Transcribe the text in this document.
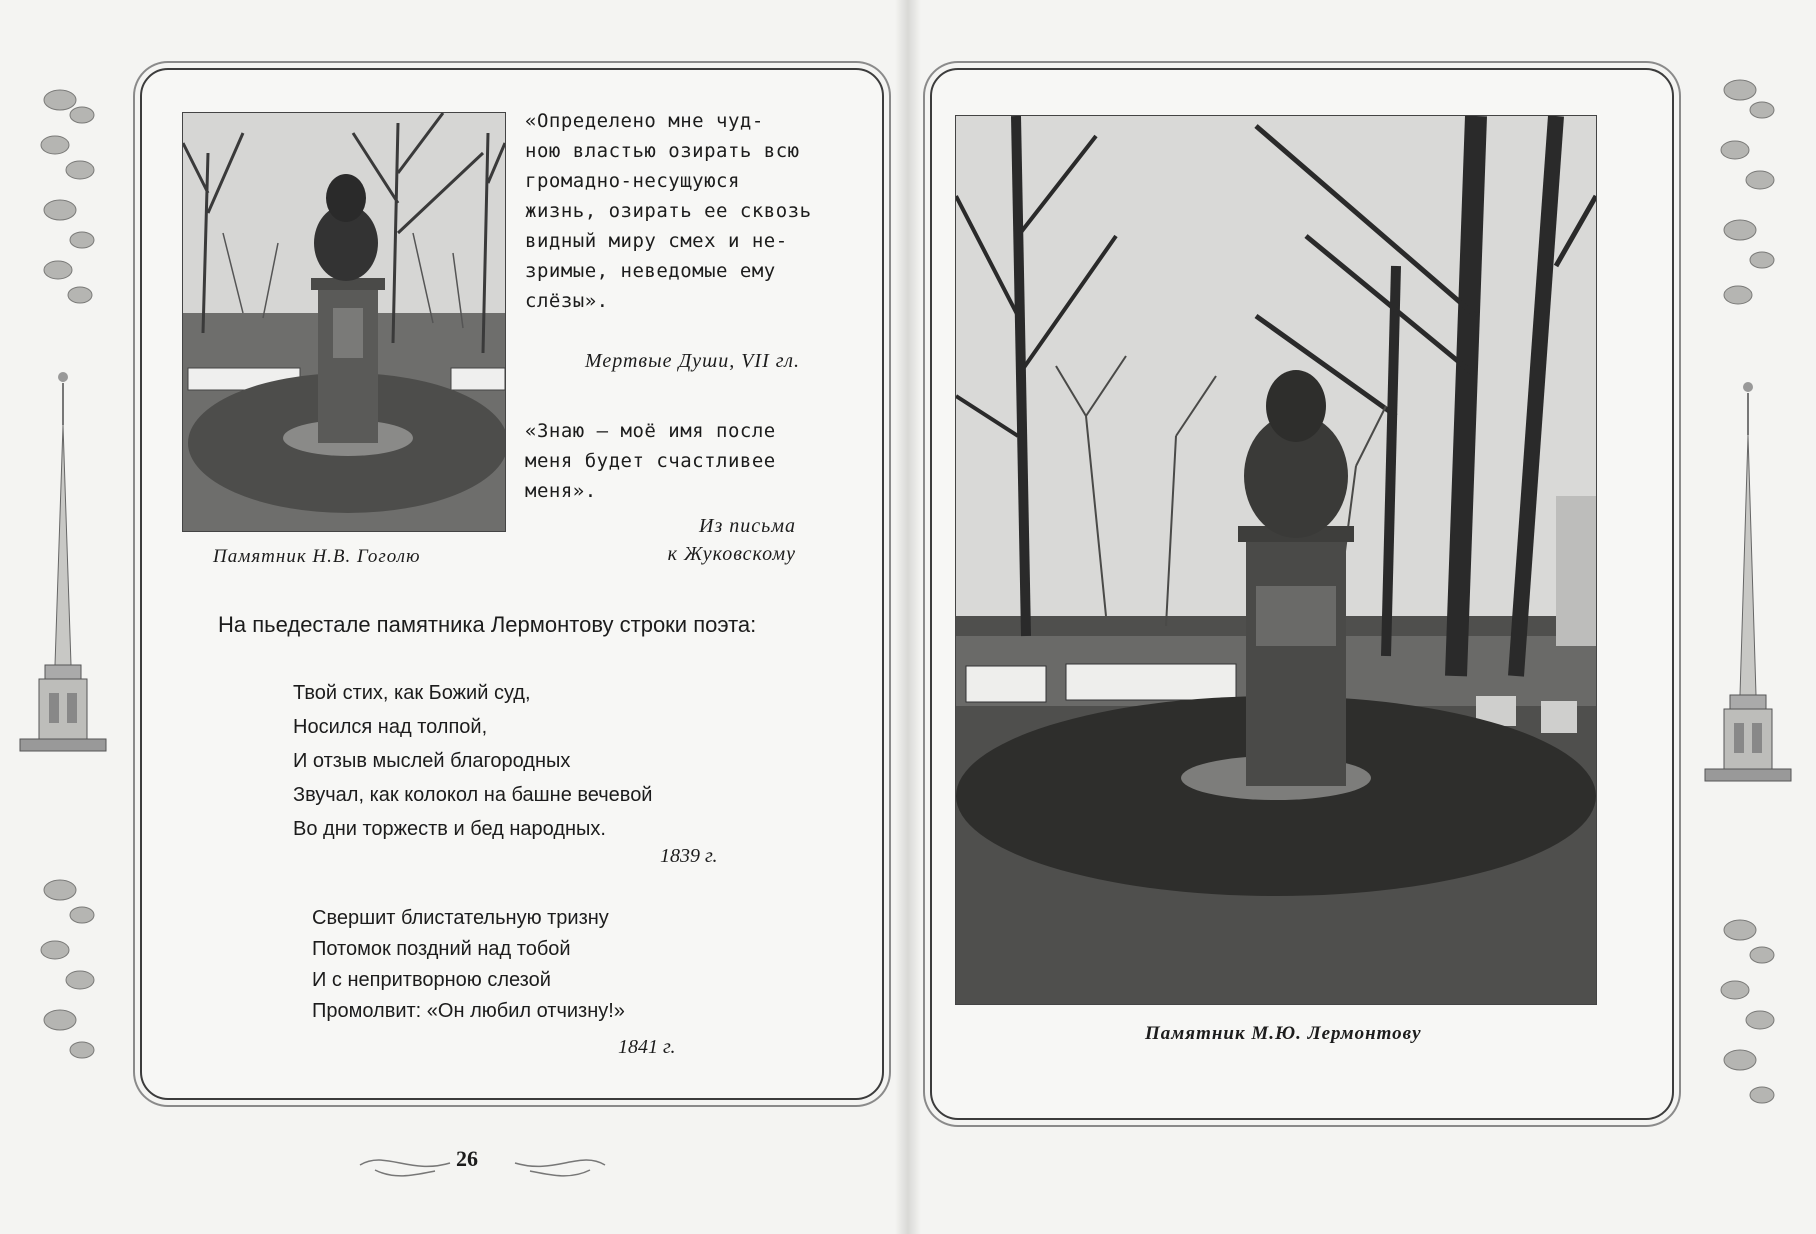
Памятник Н.В. Гоголю
«Определено мне чуд-
ною властью озирать всю
громадно-несущуюся
жизнь, озирать ее сквозь
видный миру смех и не-
зримые, неведомые ему
слёзы».
Мертвые Души, VII гл.
«Знаю — моё имя после
меня будет счастливее
меня».
Из письма
к Жуковскому
На пьедестале памятника Лермонтову строки поэта:
Твой стих, как Божий суд,
Носился над толпой,
И отзыв мыслей благородных
Звучал, как колокол на башне вечевой
Во дни торжеств и бед народных.
1839 г.
Свершит блистательную тризну
Потомок поздний над тобой
И с непритворною слезой
Промолвит: «Он любил отчизну!»
1841 г.
26
Памятник М.Ю. Лермонтову
